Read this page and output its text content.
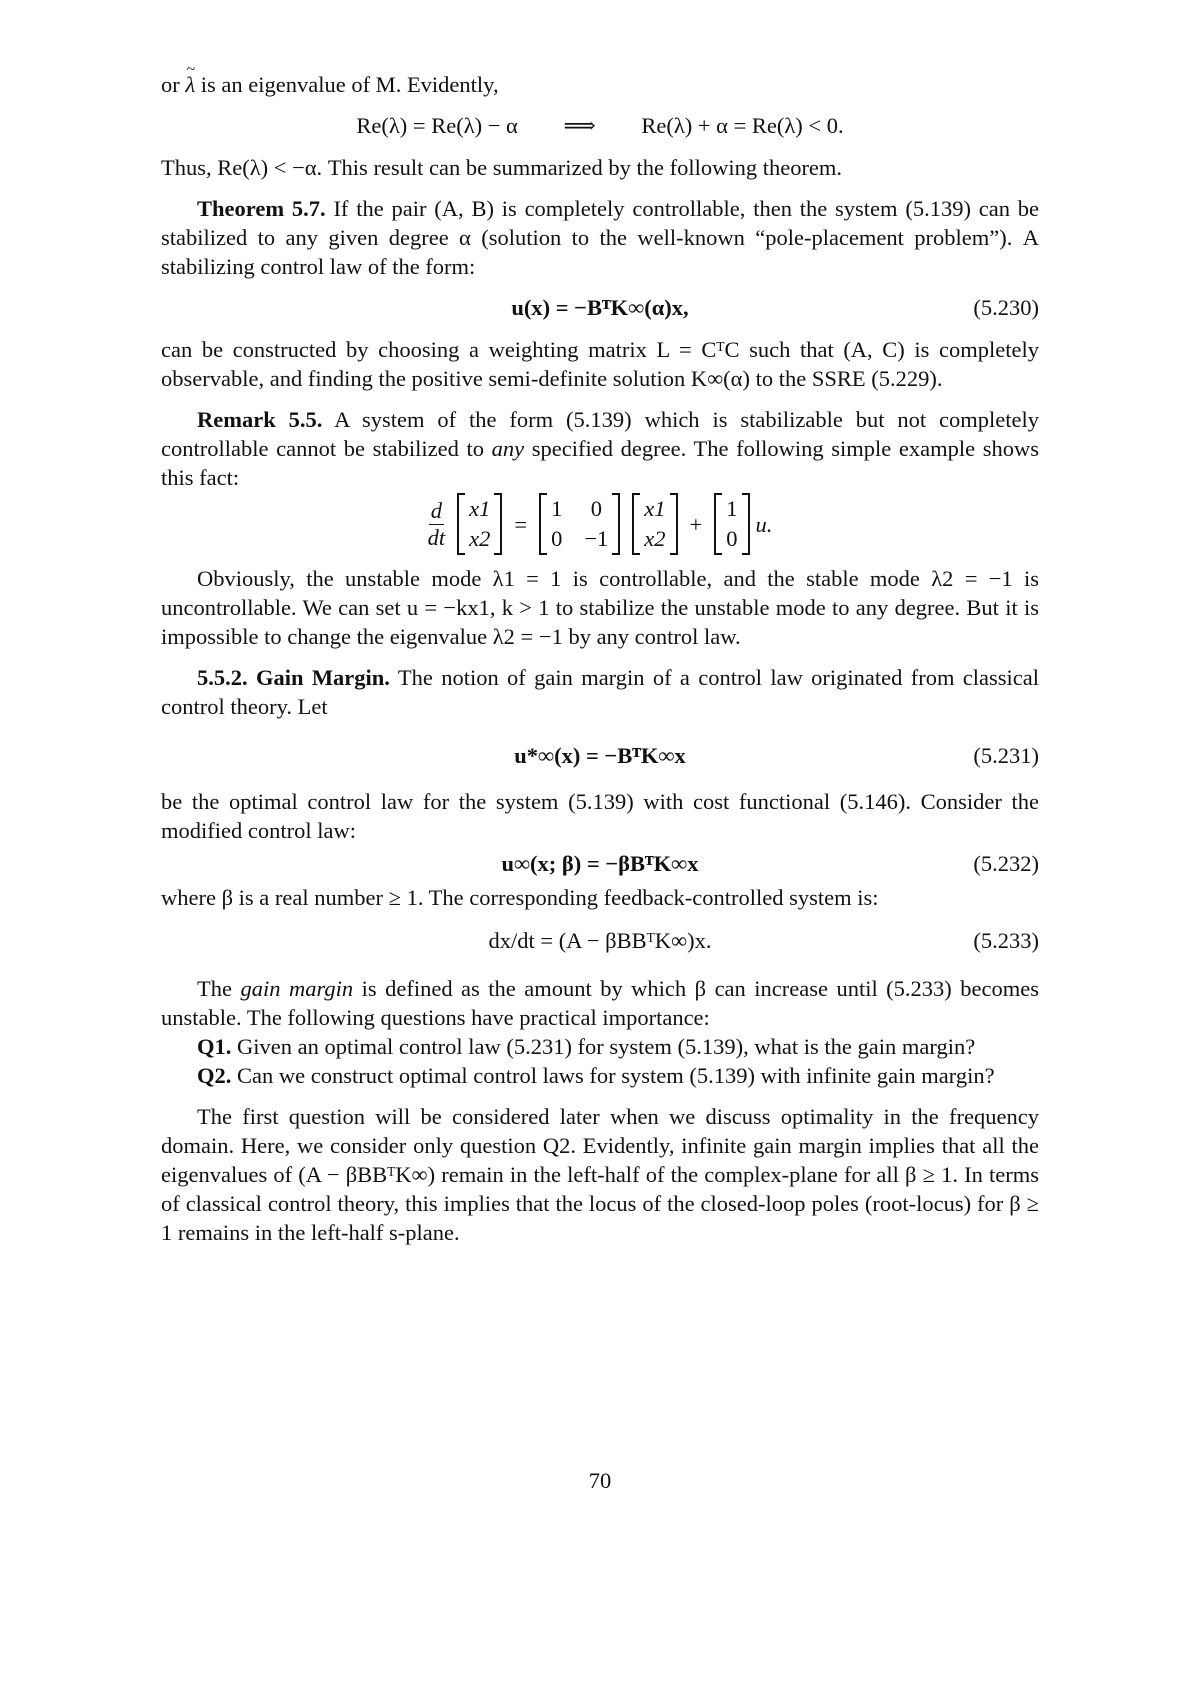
or ~ λ is an eigenvalue of M. Evidently,

Re(λ) = Re(λ) − α ⟹ Re(λ) + α = Re(λ) < 0.

Thus, Re(λ) < −α. This result can be summarized by the following theorem.

Theorem 5.7. If the pair (A, B) is completely controllable, then the system (5.139) can be stabilized to any given degree α (solution to the well-known “pole-placement problem”). A stabilizing control law of the form:

u(x) = −BᵀK∞(α)x,	(5.230)

can be constructed by choosing a weighting matrix L = CᵀC such that (A, C) is completely observable, and finding the positive semi-definite solution K∞(α) to the SSRE (5.229).

Remark 5.5. A system of the form (5.139) which is stabilizable but not completely controllable cannot be stabilized to any specified degree. The following simple example shows this fact:

$\frac{d}{dt} x1$
x2
=
1 0
0 −1
x1
x2
+
1
0
u.

Obviously, the unstable mode λ1 = 1 is controllable, and the stable mode λ2 = −1 is uncontrollable. We can set u = −kx1, k > 1 to stabilize the unstable mode to any degree. But it is impossible to change the eigenvalue λ2 = −1 by any control law.

5.5.2. Gain Margin. The notion of gain margin of a control law originated from classical control theory. Let

u*∞(x) = −BᵀK∞x	(5.231)

be the optimal control law for the system (5.139) with cost functional (5.146). Consider the modified control law:

u∞(x; β) = −βBᵀK∞x	(5.232)

where β is a real number ≥ 1. The corresponding feedback-controlled system is:

dx/dt = (A − βBBᵀK∞)x.	(5.233)

The gain margin is defined as the amount by which β can increase until (5.233) becomes unstable. The following questions have practical importance:

Q1. Given an optimal control law (5.231) for system (5.139), what is the gain margin?

Q2. Can we construct optimal control laws for system (5.139) with infinite gain margin?

The first question will be considered later when we discuss optimality in the frequency domain. Here, we consider only question Q2. Evidently, infinite gain margin implies that all the eigenvalues of (A − βBBᵀK∞) remain in the left-half of the complex-plane for all β ≥ 1. In terms of classical control theory, this implies that the locus of the closed-loop poles (root-locus) for β ≥ 1 remains in the left-half s-plane.

70
